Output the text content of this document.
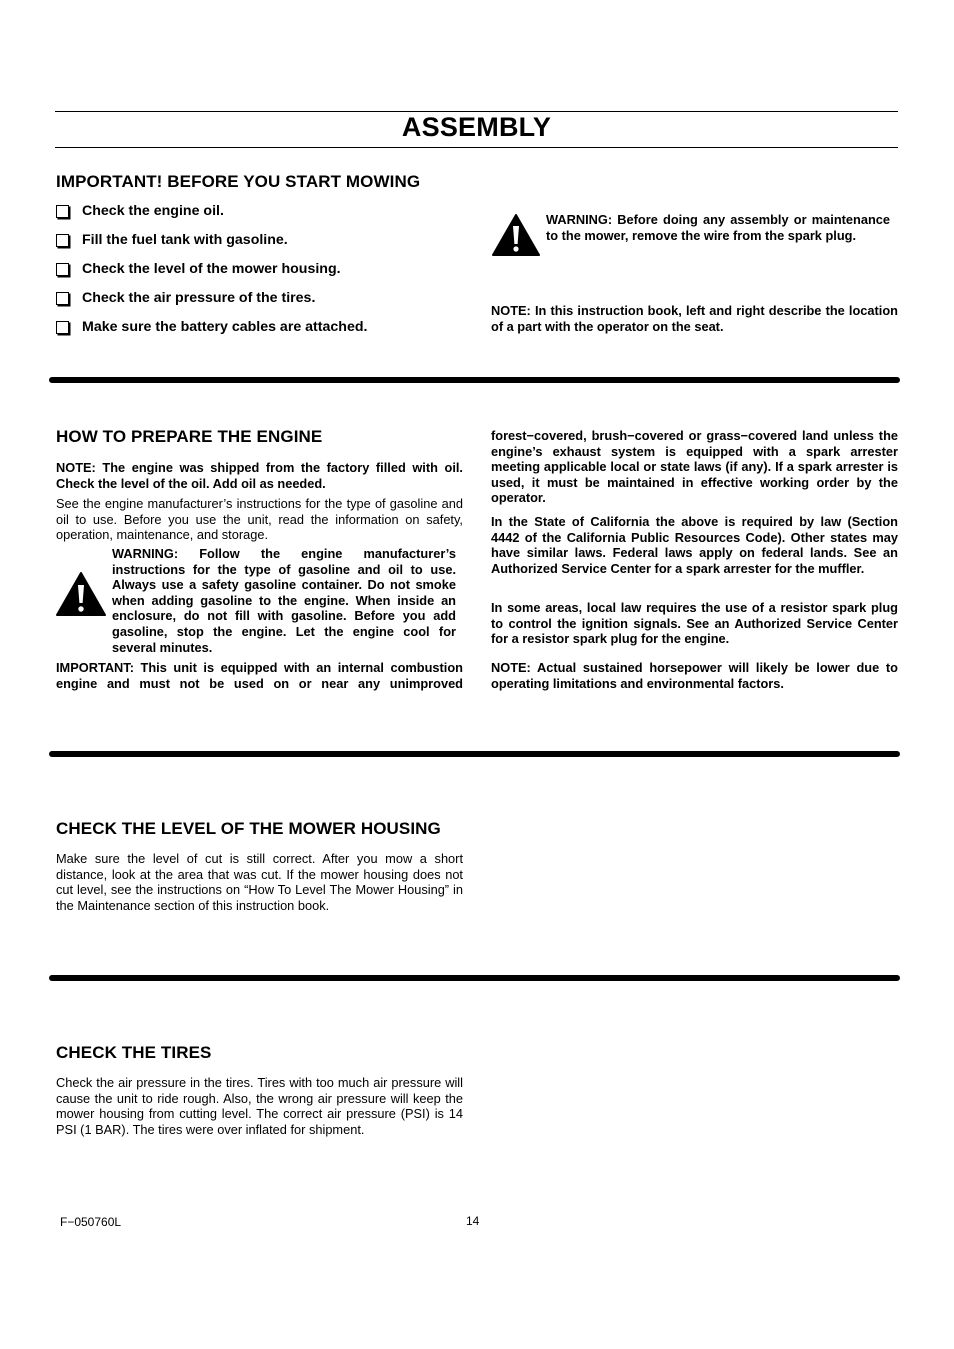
ASSEMBLY
IMPORTANT! BEFORE YOU START MOWING
Check the engine oil.
Fill the fuel tank with gasoline.
Check the level of the mower housing.
Check the air pressure of the tires.
Make sure the battery cables are attached.

WARNING: Before doing any assembly or maintenance to the mower, remove the wire from the spark plug.

NOTE: In this instruction book, left and right describe the location of a part with the operator on the seat.

HOW TO PREPARE THE ENGINE

NOTE: The engine was shipped from the factory filled with oil. Check the level of the oil. Add oil as needed.

See the engine manufacturer’s instructions for the type of gasoline and oil to use. Before you use the unit, read the information on safety, operation, maintenance, and storage.

WARNING: Follow the engine manufacturer’s instructions for the type of gasoline and oil to use. Always use a safety gasoline container. Do not smoke when adding gasoline to the engine. When inside an enclosure, do not fill with gasoline. Before you add gasoline, stop the engine. Let the engine cool for several minutes.

IMPORTANT: This unit is equipped with an internal combustion engine and must not be used on or near any unimproved

forest−covered, brush−covered or grass−covered land unless the engine’s exhaust system is equipped with a spark arrester meeting applicable local or state laws (if any). If a spark arrester is used, it must be maintained in effective working order by the operator.

In the State of California the above is required by law (Section 4442 of the California Public Resources Code). Other states may have similar laws. Federal laws apply on federal lands. See an Authorized Service Center for a spark arrester for the muffler.

In some areas, local law requires the use of a resistor spark plug to control the ignition signals. See an Authorized Service Center for a resistor spark plug for the engine.

NOTE: Actual sustained horsepower will likely be lower due to operating limitations and environmental factors.

CHECK THE LEVEL OF THE MOWER HOUSING

Make sure the level of cut is still correct. After you mow a short distance, look at the area that was cut. If the mower housing does not cut level, see the instructions on “How To Level The Mower Housing” in the Maintenance section of this instruction book.

CHECK THE TIRES

Check the air pressure in the tires. Tires with too much air pressure will cause the unit to ride rough. Also, the wrong air pressure will keep the mower housing from cutting level. The correct air pressure (PSI) is 14 PSI (1 BAR). The tires were over inflated for shipment.

F−050760L	14
